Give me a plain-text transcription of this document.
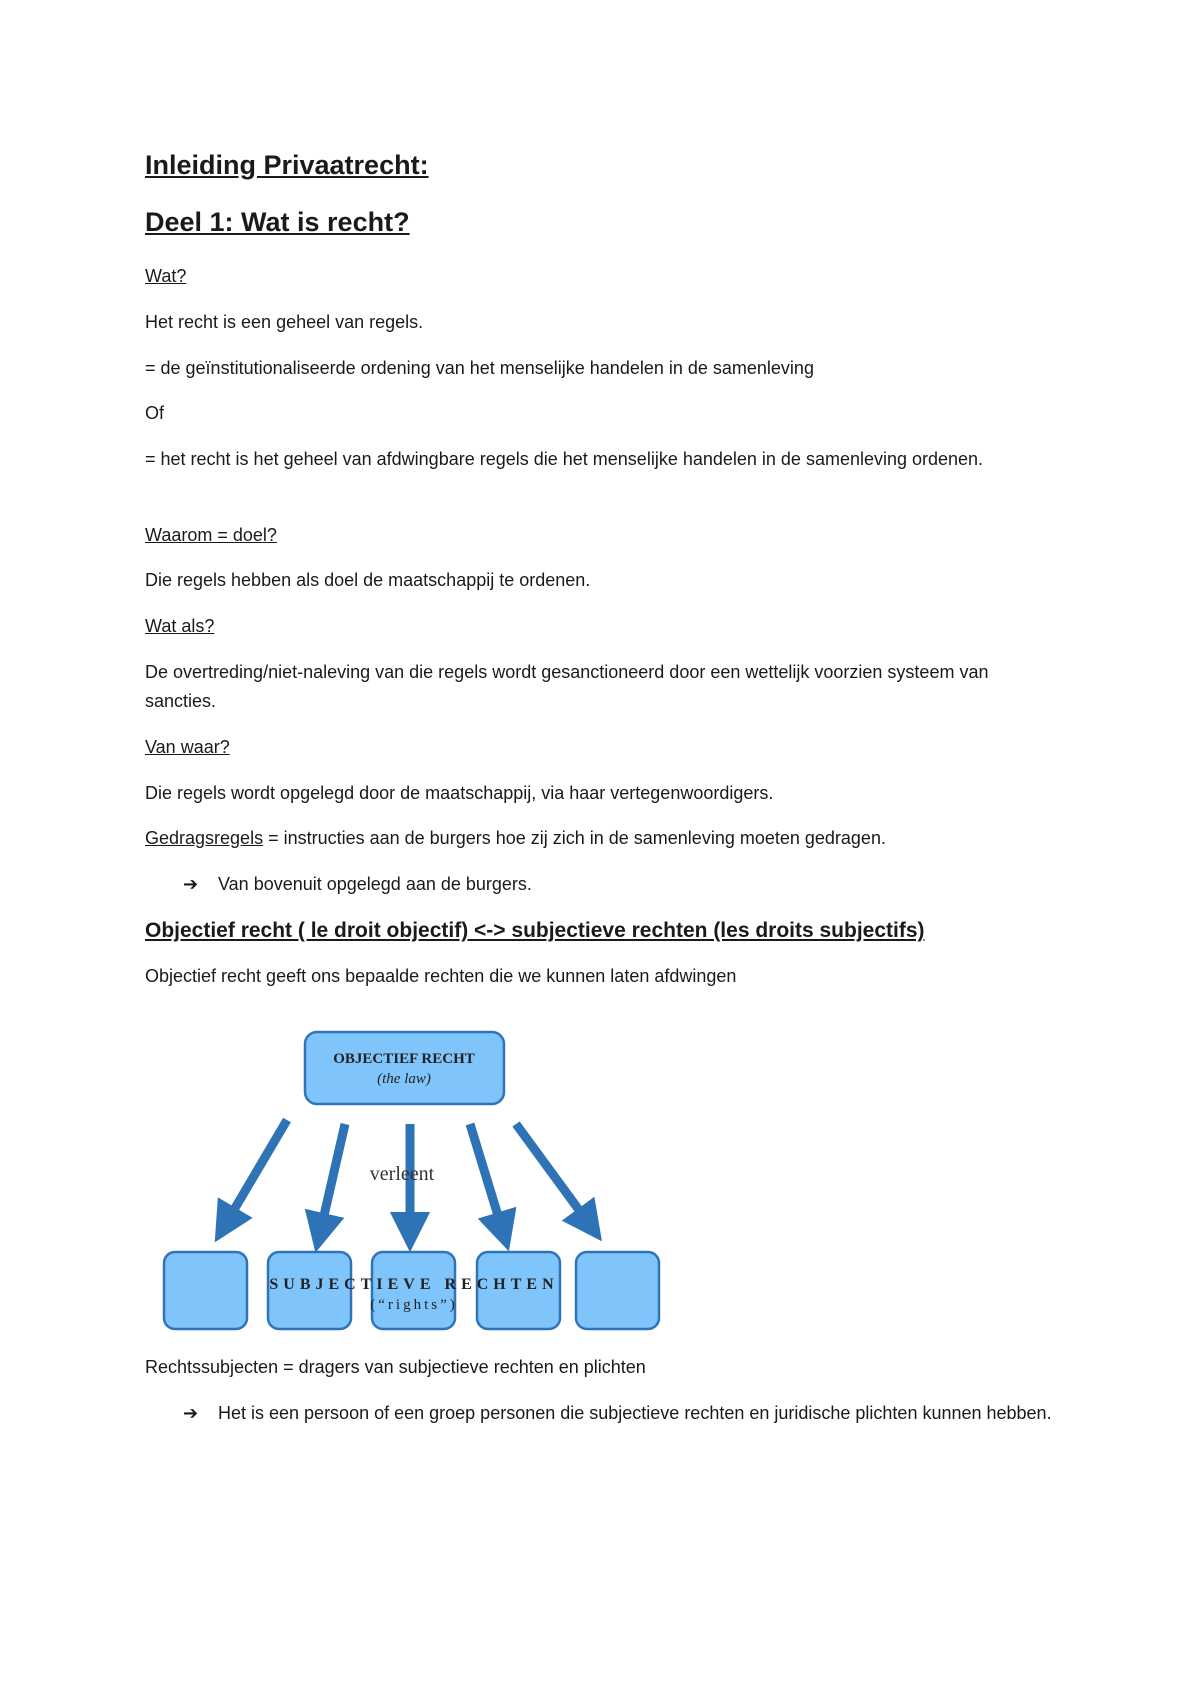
Inleiding Privaatrecht:
Deel 1: Wat is recht?
Wat?
Het recht is een geheel van regels.
= de geïnstitutionaliseerde ordening van het menselijke handelen in de samenleving
Of
= het recht is het geheel van afdwingbare regels die het menselijke handelen in de samenleving ordenen.
Waarom = doel?
Die regels hebben als doel de maatschappij te ordenen.
Wat als?
De overtreding/niet-naleving van die regels wordt gesanctioneerd door een wettelijk voorzien systeem van sancties.
Van waar?
Die regels wordt opgelegd door de maatschappij, via haar vertegenwoordigers.
Gedragsregels = instructies aan de burgers hoe zij zich in de samenleving moeten gedragen.
➔ Van bovenuit opgelegd aan de burgers.
Objectief recht ( le droit objectif) <-> subjectieve rechten (les droits subjectifs)
Objectief recht geeft ons bepaalde rechten die we kunnen laten afdwingen
OBJECTIEF RECHT
(the law)
verleent
SUBJECTIEVE RECHTEN
(“rights”)
Rechtssubjecten = dragers van subjectieve rechten en plichten
➔ Het is een persoon of een groep personen die subjectieve rechten en juridische plichten kunnen hebben.
